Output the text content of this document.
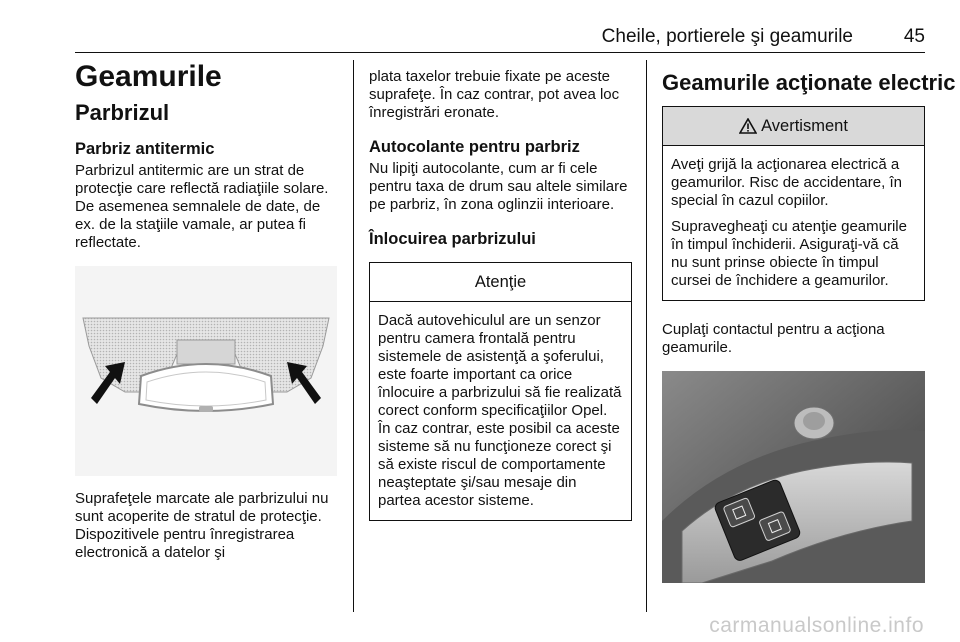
Cheile, portierele şi geamurile	45
Geamurile
Parbrizul
Parbriz antitermic

Parbrizul antitermic are un strat de protecţie care reflectă radiaţiile solare. De asemenea semnalele de date, de ex. de la staţiile vamale, ar putea fi reflectate.

Suprafeţele marcate ale parbrizului nu sunt acoperite de stratul de protecţie. Dispozitivele pentru înregistrarea electronică a datelor şi

plata taxelor trebuie fixate pe aceste suprafeţe. În caz contrar, pot avea loc înregistrări eronate.

Autocolante pentru parbriz

Nu lipiţi autocolante, cum ar fi cele pentru taxa de drum sau altele similare pe parbriz, în zona oglinzii interioare.

Înlocuirea parbrizului
Atenţie

Dacă autovehiculul are un senzor pentru camera frontală pentru sistemele de asistenţă a şoferului, este foarte important ca orice înlocuire a parbrizului să fie realizată corect conform specificaţiilor Opel. În caz contrar, este posibil ca aceste sisteme să nu funcţioneze corect şi să existe riscul de comportamente neaşteptate şi/sau mesaje din partea acestor sisteme.

Geamurile acţionate electric
Avertisment

Aveţi grijă la acţionarea electrică a geamurilor. Risc de accidentare, în special în cazul copiilor.

Supravegheaţi cu atenţie geamurile în timpul închiderii. Asiguraţi-vă că nu sunt prinse obiecte în timpul cursei de închidere a geamurilor.

Cuplaţi contactul pentru a acţiona geamurile.

carmanualsonline.info
